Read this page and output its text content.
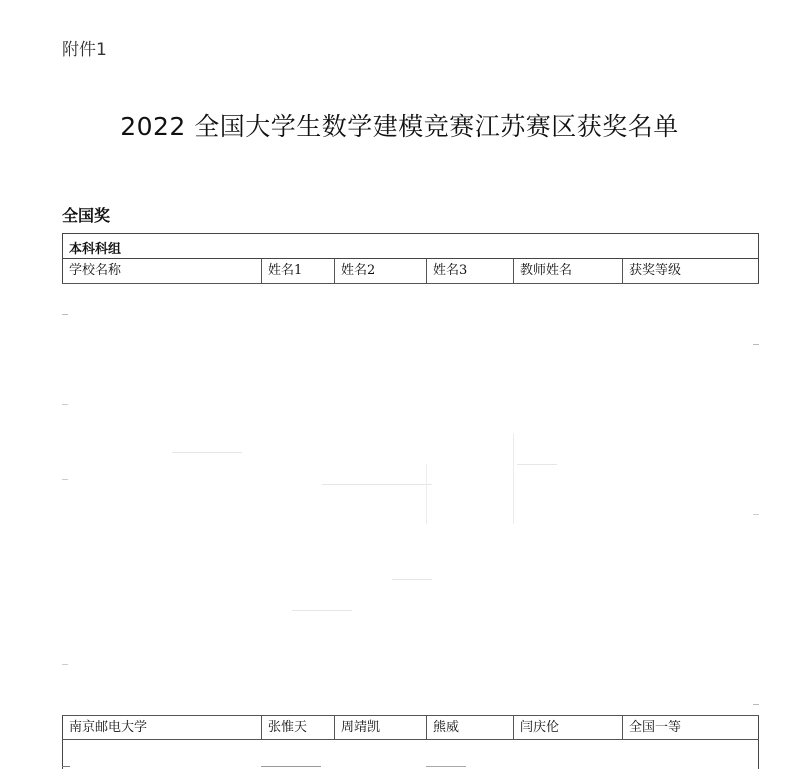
附件1
2022 全国大学生数学建模竞赛江苏赛区获奖名单
全国奖
本科科组
学校名称	姓名1	姓名2	姓名3	教师姓名	获奖等级
南京邮电大学	张惟天	周靖凯	熊威	闫庆伦	全国一等
